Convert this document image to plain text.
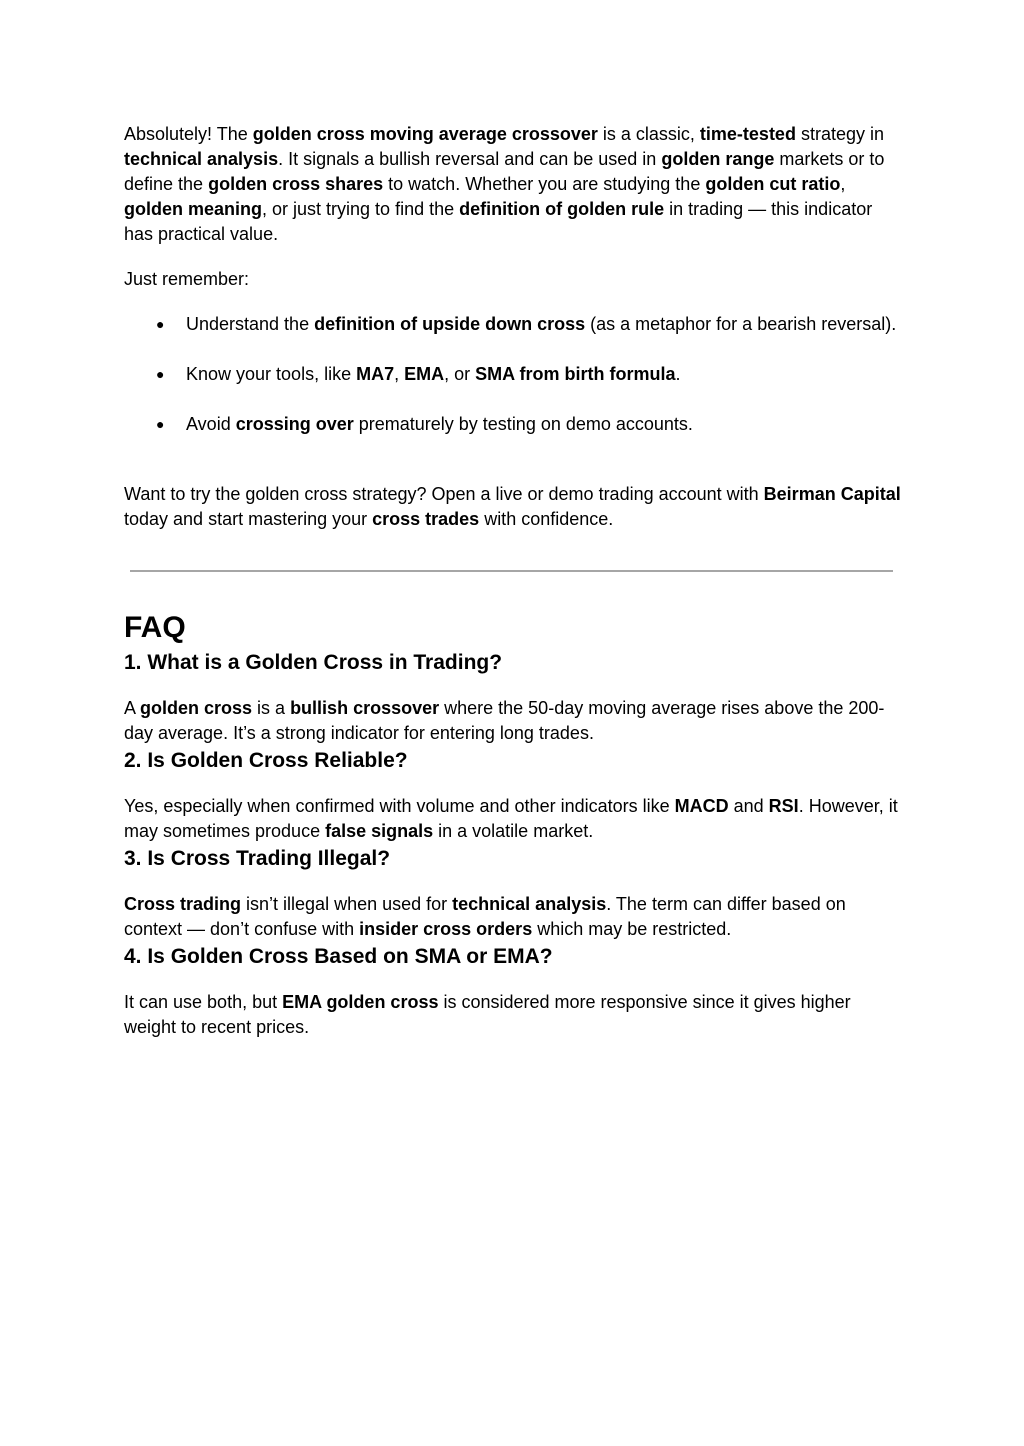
Absolutely! The golden cross moving average crossover is a classic, time-tested strategy in technical analysis. It signals a bullish reversal and can be used in golden range markets or to define the golden cross shares to watch. Whether you are studying the golden cut ratio, golden meaning, or just trying to find the definition of golden rule in trading — this indicator has practical value.

Just remember:

● Understand the definition of upside down cross (as a metaphor for a bearish reversal).
● Know your tools, like MA7, EMA, or SMA from birth formula.
● Avoid crossing over prematurely by testing on demo accounts.

Want to try the golden cross strategy? Open a live or demo trading account with Beirman Capital today and start mastering your cross trades with confidence.

FAQ
1. What is a Golden Cross in Trading?

A golden cross is a bullish crossover where the 50-day moving average rises above the 200-day average. It’s a strong indicator for entering long trades.

2. Is Golden Cross Reliable?

Yes, especially when confirmed with volume and other indicators like MACD and RSI. However, it may sometimes produce false signals in a volatile market.

3. Is Cross Trading Illegal?

Cross trading isn’t illegal when used for technical analysis. The term can differ based on context — don’t confuse with insider cross orders which may be restricted.

4. Is Golden Cross Based on SMA or EMA?

It can use both, but EMA golden cross is considered more responsive since it gives higher weight to recent prices.
